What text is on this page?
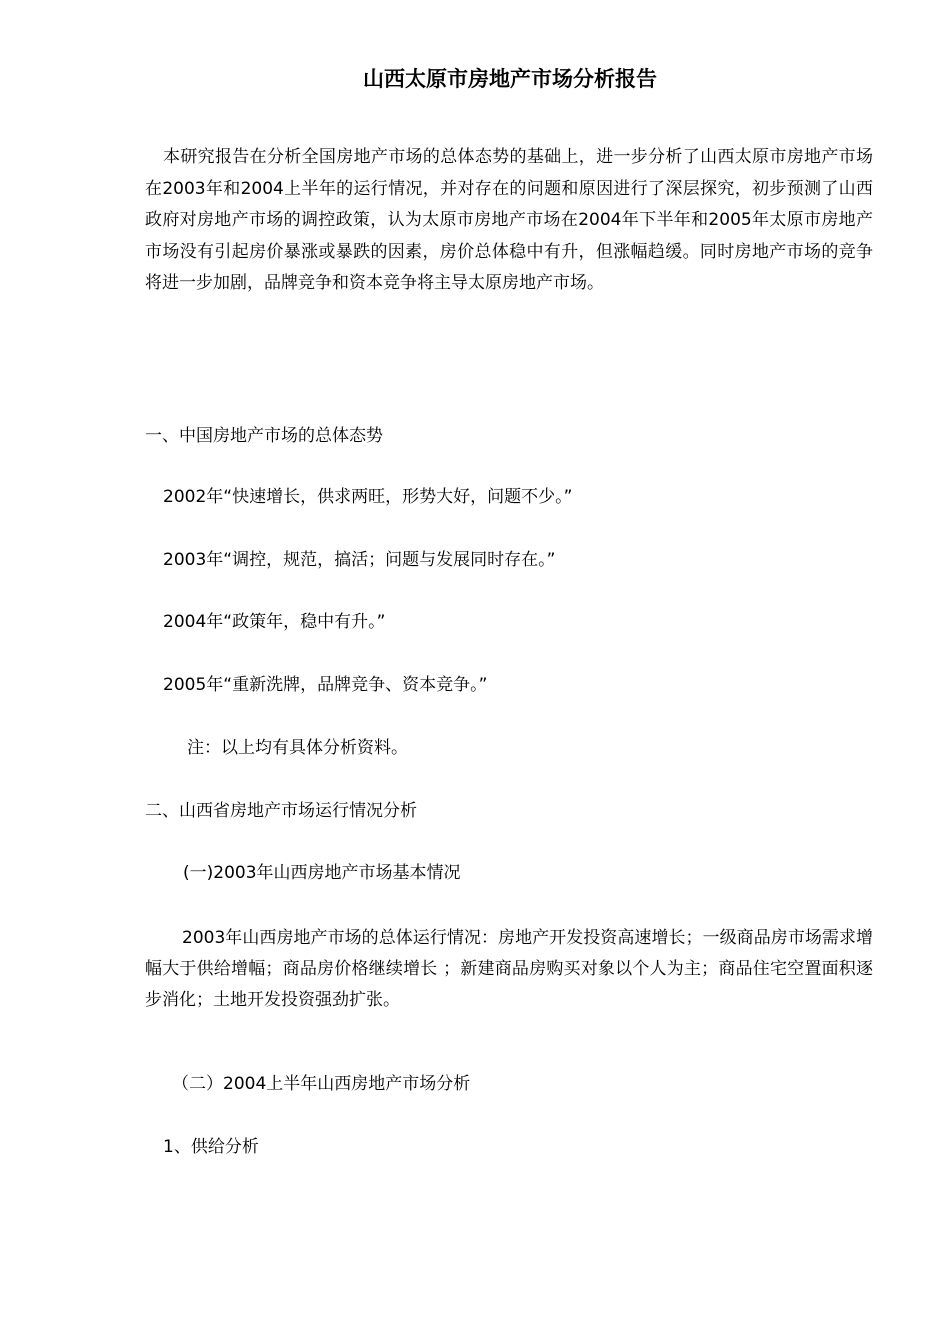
山西太原市房地产市场分析报告

本研究报告在分析全国房地产市场的总体态势的基础上，进一步分析了山西太原市房地产市场在2003年和2004上半年的运行情况，并对存在的问题和原因进行了深层探究，初步预测了山西政府对房地产市场的调控政策，认为太原市房地产市场在2004年下半年和2005年太原市房地产市场没有引起房价暴涨或暴跌的因素，房价总体稳中有升，但涨幅趋缓。同时房地产市场的竞争将进一步加剧，品牌竞争和资本竞争将主导太原房地产市场。

一、中国房地产市场的总体态势

2002年“快速增长，供求两旺，形势大好，问题不少。”

2003年“调控，规范，搞活；问题与发展同时存在。”

2004年“政策年，稳中有升。”

2005年“重新洗牌，品牌竞争、资本竞争。”

注：以上均有具体分析资料。

二、山西省房地产市场运行情况分析

(一)2003年山西房地产市场基本情况

2003年山西房地产市场的总体运行情况：房地产开发投资高速增长；一级商品房市场需求增幅大于供给增幅；商品房价格继续增长 ；新建商品房购买对象以个人为主；商品住宅空置面积逐步消化；土地开发投资强劲扩张。

（二）2004上半年山西房地产市场分析

1、供给分析
